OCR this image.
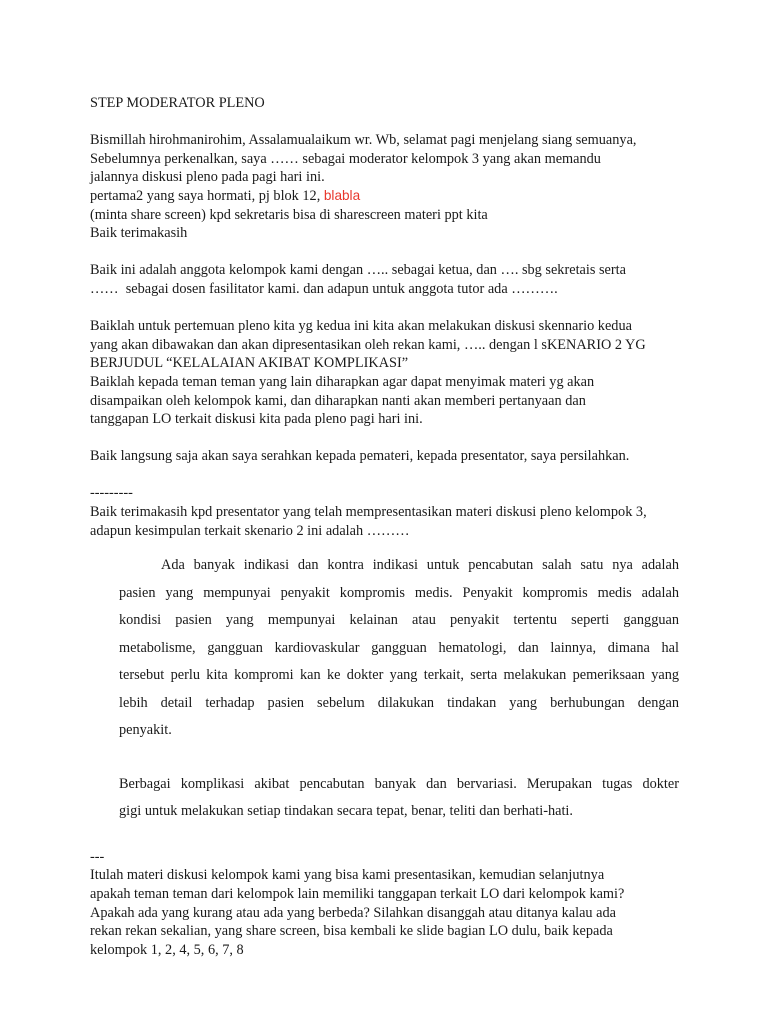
STEP MODERATOR PLENO

Bismillah hirohmanirohim, Assalamualaikum wr. Wb, selamat pagi menjelang siang semuanya,
Sebelumnya perkenalkan, saya …… sebagai moderator kelompok 3 yang akan memandu
jalannya diskusi pleno pada pagi hari ini.
pertama2 yang saya hormati, pj blok 12, blabla
(minta share screen) kpd sekretaris bisa di sharescreen materi ppt kita
Baik terimakasih

Baik ini adalah anggota kelompok kami dengan ….. sebagai ketua, dan …. sbg sekretais serta
……  sebagai dosen fasilitator kami. dan adapun untuk anggota tutor ada ……….

Baiklah untuk pertemuan pleno kita yg kedua ini kita akan melakukan diskusi skennario kedua
yang akan dibawakan dan akan dipresentasikan oleh rekan kami, ….. dengan l sKENARIO 2 YG
BERJUDUL “KELALAIAN AKIBAT KOMPLIKASI”
Baiklah kepada teman teman yang lain diharapkan agar dapat menyimak materi yg akan
disampaikan oleh kelompok kami, dan diharapkan nanti akan memberi pertanyaan dan
tanggapan LO terkait diskusi kita pada pleno pagi hari ini.

Baik langsung saja akan saya serahkan kepada pemateri, kepada presentator, saya persilahkan.

---------
Baik terimakasih kpd presentator yang telah mempresentasikan materi diskusi pleno kelompok 3,
adapun kesimpulan terkait skenario 2 ini adalah ………

Ada banyak indikasi dan kontra indikasi untuk pencabutan salah satu nya adalah
pasien yang mempunyai penyakit kompromis medis. Penyakit kompromis medis adalah
kondisi pasien yang mempunyai kelainan atau penyakit tertentu seperti gangguan
metabolisme, gangguan kardiovaskular gangguan hematologi, dan lainnya, dimana hal
tersebut perlu kita kompromi kan ke dokter yang terkait, serta melakukan pemeriksaan yang
lebih detail terhadap pasien sebelum dilakukan tindakan yang berhubungan dengan
penyakit.
Berbagai komplikasi akibat pencabutan banyak dan bervariasi. Merupakan tugas dokter
gigi untuk melakukan setiap tindakan secara tepat, benar, teliti dan berhati-hati.

---
Itulah materi diskusi kelompok kami yang bisa kami presentasikan, kemudian selanjutnya
apakah teman teman dari kelompok lain memiliki tanggapan terkait LO dari kelompok kami?
Apakah ada yang kurang atau ada yang berbeda? Silahkan disanggah atau ditanya kalau ada
rekan rekan sekalian, yang share screen, bisa kembali ke slide bagian LO dulu, baik kepada
kelompok 1, 2, 4, 5, 6, 7, 8
